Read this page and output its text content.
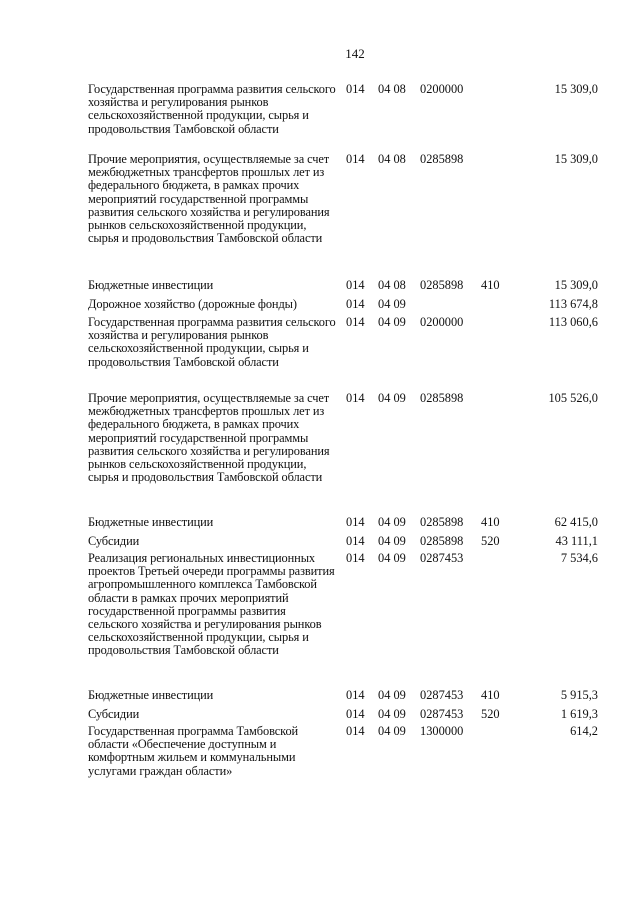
142
Государственная программа развития сельского хозяйства и регулирования рынков сельскохозяйственной продукции, сырья и продовольствия Тамбовской области
014 04 08 0200000	15 309,0
Прочие мероприятия, осуществляемые за счет межбюджетных трансфертов прошлых лет из федерального бюджета, в рамках прочих мероприятий государственной программы развития сельского хозяйства и регулирования рынков сельскохозяйственной продукции, сырья и продовольствия Тамбовской области
014 04 08 0285898	15 309,0
Бюджетные инвестиции	014 04 08 0285898 410	15 309,0
Дорожное хозяйство (дорожные фонды)	014 04 09	113 674,8
Государственная программа развития сельского хозяйства и регулирования рынков сельскохозяйственной продукции, сырья и продовольствия Тамбовской области
014 04 09 0200000	113 060,6
Прочие мероприятия, осуществляемые за счет межбюджетных трансфертов прошлых лет из федерального бюджета, в рамках прочих мероприятий государственной программы развития сельского хозяйства и регулирования рынков сельскохозяйственной продукции, сырья и продовольствия Тамбовской области
014 04 09 0285898	105 526,0
Бюджетные инвестиции	014 04 09 0285898 410	62 415,0
Субсидии	014 04 09 0285898 520	43 111,1
Реализация региональных инвестиционных проектов Третьей очереди программы развития агропромышленного комплекса Тамбовской области в рамках прочих мероприятий государственной программы развития сельского хозяйства и регулирования рынков сельскохозяйственной продукции, сырья и продовольствия Тамбовской области
014 04 09 0287453	7 534,6
Бюджетные инвестиции	014 04 09 0287453 410	5 915,3
Субсидии	014 04 09 0287453 520	1 619,3
Государственная программа Тамбовской области «Обеспечение доступным и комфортным жильем и коммунальными услугами граждан области»
014 04 09 1300000	614,2
